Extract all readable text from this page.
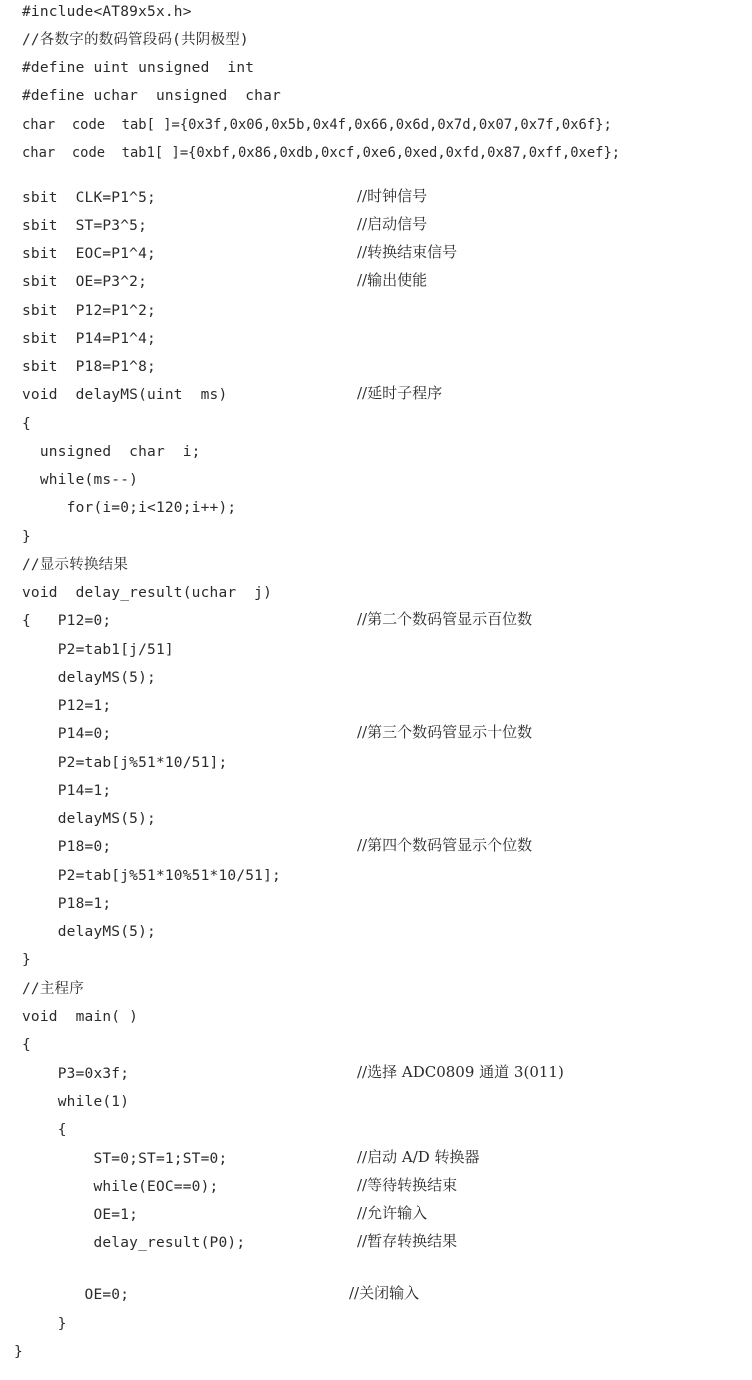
#include<AT89x5x.h>
//各数字的数码管段码(共阴极型)
#define uint unsigned  int
#define uchar  unsigned  char
char  code  tab[ ]={0x3f,0x06,0x5b,0x4f,0x66,0x6d,0x7d,0x07,0x7f,0x6f};
char  code  tab1[ ]={0xbf,0x86,0xdb,0xcf,0xe6,0xed,0xfd,0x87,0xff,0xef};
sbit  CLK=P1^5;	//时钟信号
sbit  ST=P3^5;	//启动信号
sbit  EOC=P1^4;	//转换结束信号
sbit  OE=P3^2;	//输出使能
sbit  P12=P1^2;
sbit  P14=P1^4;
sbit  P18=P1^8;
void  delayMS(uint  ms)	//延时子程序
{
unsigned  char  i;
while(ms--)
for(i=0;i<120;i++);
}
//显示转换结果
void  delay_result(uchar  j)
{   P12=0;	//第二个数码管显示百位数
P2=tab1[j/51]
delayMS(5);
P12=1;
P14=0;	//第三个数码管显示十位数
P2=tab[j%51*10/51];
P14=1;
delayMS(5);
P18=0;	//第四个数码管显示个位数
P2=tab[j%51*10%51*10/51];
P18=1;
delayMS(5);
}
//主程序
void  main( )
{
P3=0x3f;	//选择 ADC0809 通道 3(011)
while(1)
{
ST=0;ST=1;ST=0;	//启动 A/D 转换器
while(EOC==0);	//等待转换结束
OE=1;	//允许输入
delay_result(P0);	//暂存转换结果
OE=0;	//关闭输入
}
}
